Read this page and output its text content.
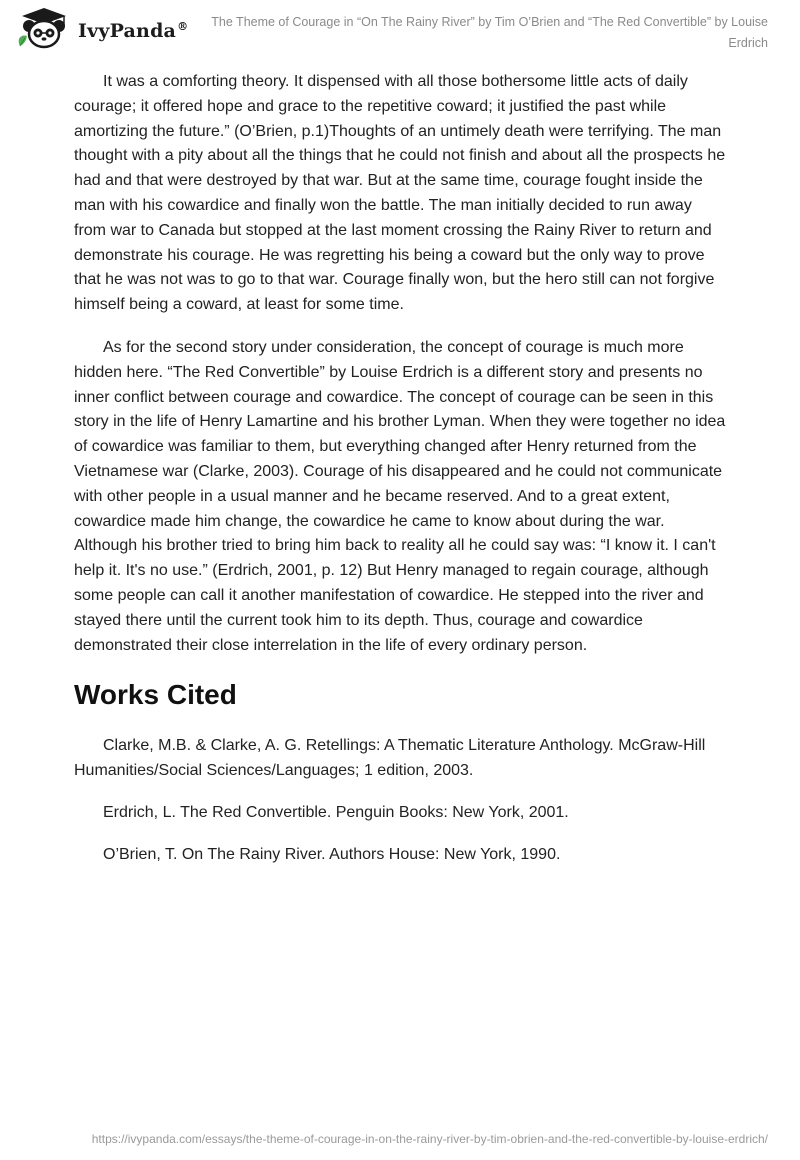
IvyPanda®	The Theme of Courage in “On The Rainy River” by Tim O’Brien and “The Red Convertible” by Louise Erdrich

It was a comforting theory. It dispensed with all those bothersome little acts of daily courage; it offered hope and grace to the repetitive coward; it justified the past while amortizing the future.” (O’Brien, p.1)Thoughts of an untimely death were terrifying. The man thought with a pity about all the things that he could not finish and about all the prospects he had and that were destroyed by that war. But at the same time, courage fought inside the man with his cowardice and finally won the battle. The man initially decided to run away from war to Canada but stopped at the last moment crossing the Rainy River to return and demonstrate his courage. He was regretting his being a coward but the only way to prove that he was not was to go to that war. Courage finally won, but the hero still can not forgive himself being a coward, at least for some time.

As for the second story under consideration, the concept of courage is much more hidden here. “The Red Convertible” by Louise Erdrich is a different story and presents no inner conflict between courage and cowardice. The concept of courage can be seen in this story in the life of Henry Lamartine and his brother Lyman. When they were together no idea of cowardice was familiar to them, but everything changed after Henry returned from the Vietnamese war (Clarke, 2003). Courage of his disappeared and he could not communicate with other people in a usual manner and he became reserved. And to a great extent, cowardice made him change, the cowardice he came to know about during the war. Although his brother tried to bring him back to reality all he could say was: “I know it. I can't help it. It's no use.” (Erdrich, 2001, p. 12) But Henry managed to regain courage, although some people can call it another manifestation of cowardice. He stepped into the river and stayed there until the current took him to its depth. Thus, courage and cowardice demonstrated their close interrelation in the life of every ordinary person.

Works Cited

Clarke, M.B. & Clarke, A. G. Retellings: A Thematic Literature Anthology. McGraw-Hill Humanities/Social Sciences/Languages; 1 edition, 2003.

Erdrich, L. The Red Convertible. Penguin Books: New York, 2001.

O’Brien, T. On The Rainy River. Authors House: New York, 1990.

https://ivypanda.com/essays/the-theme-of-courage-in-on-the-rainy-river-by-tim-obrien-and-the-red-convertible-by-louise-erdrich/
